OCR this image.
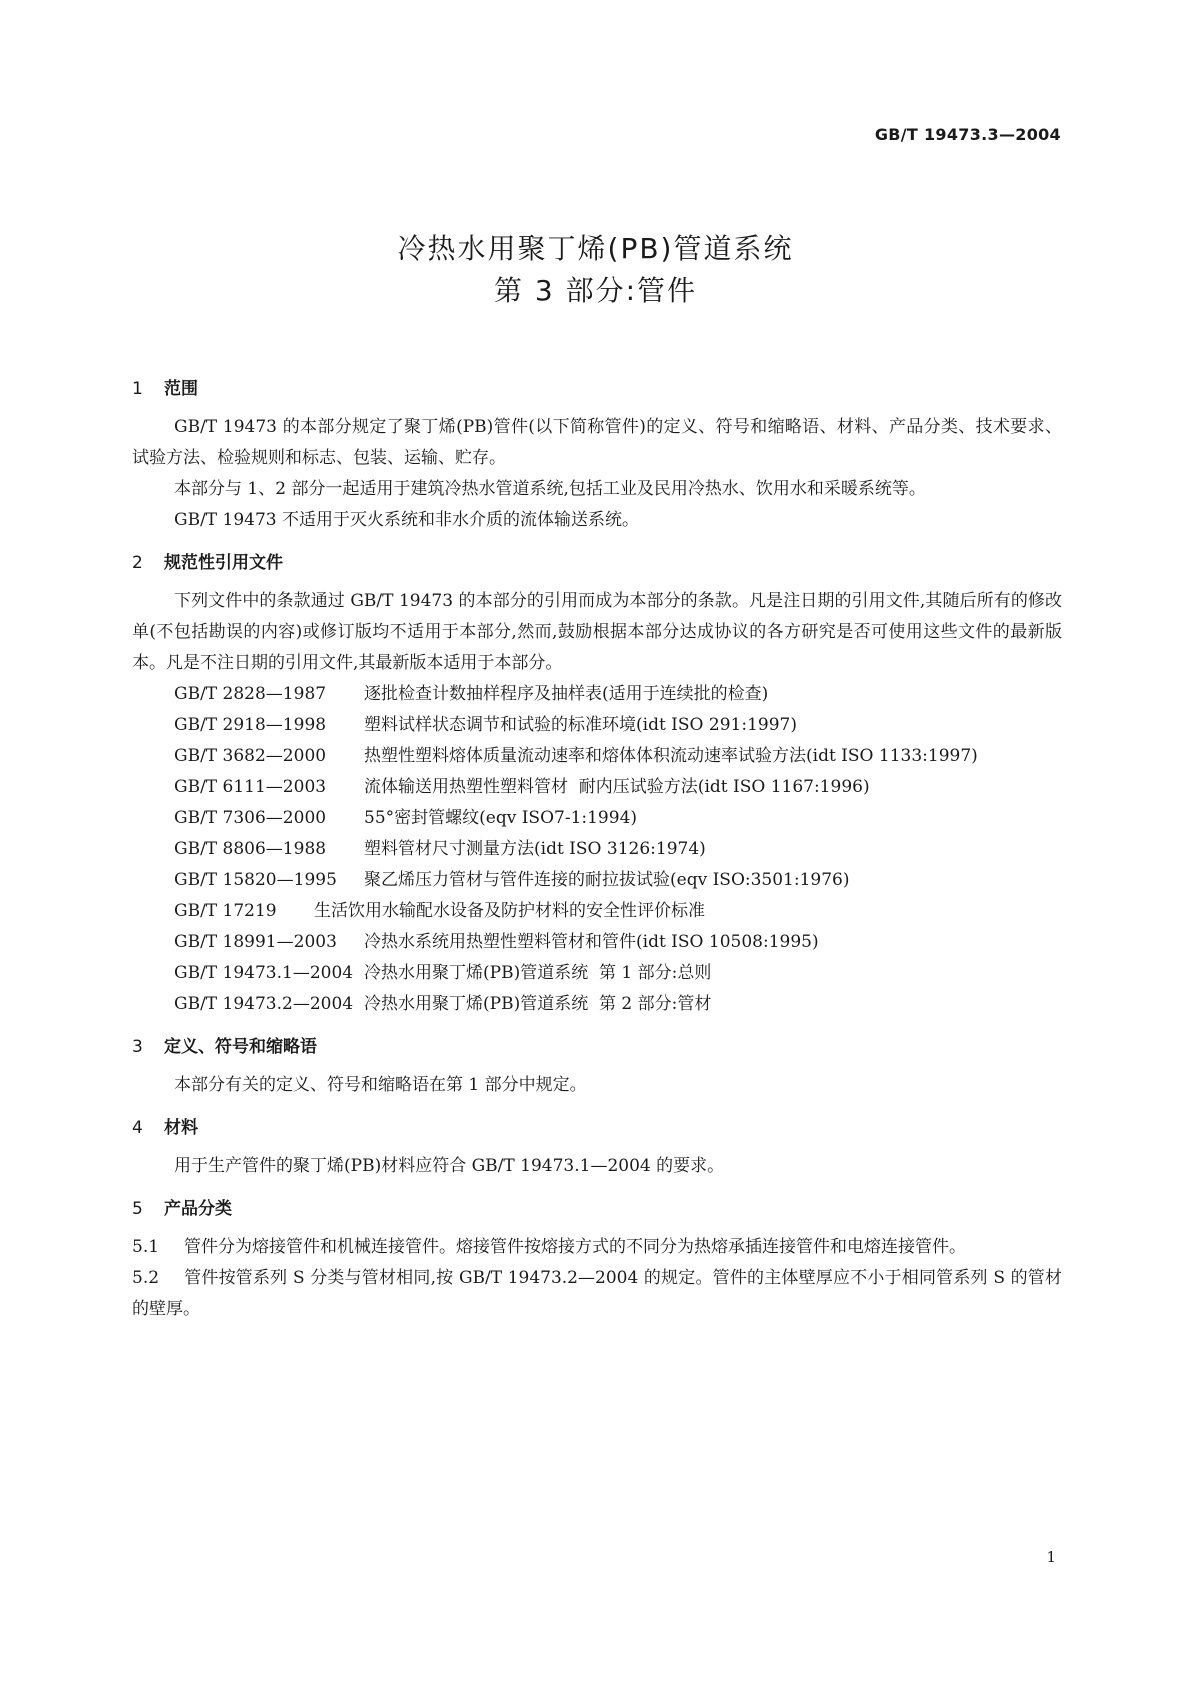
GB/T 19473.3—2004
冷热水用聚丁烯(PB)管道系统
第 3 部分:管件
1 范围
GB/T 19473 的本部分规定了聚丁烯(PB)管件(以下简称管件)的定义、符号和缩略语、材料、产品分类、技术要求、试验方法、检验规则和标志、包装、运输、贮存。
本部分与 1、2 部分一起适用于建筑冷热水管道系统,包括工业及民用冷热水、饮用水和采暖系统等。
GB/T 19473 不适用于灭火系统和非水介质的流体输送系统。
2 规范性引用文件
下列文件中的条款通过 GB/T 19473 的本部分的引用而成为本部分的条款。凡是注日期的引用文件,其随后所有的修改单(不包括勘误的内容)或修订版均不适用于本部分,然而,鼓励根据本部分达成协议的各方研究是否可使用这些文件的最新版本。凡是不注日期的引用文件,其最新版本适用于本部分。
GB/T 2828—1987 逐批检查计数抽样程序及抽样表(适用于连续批的检查)
GB/T 2918—1998 塑料试样状态调节和试验的标准环境(idt ISO 291:1997)
GB/T 3682—2000 热塑性塑料熔体质量流动速率和熔体体积流动速率试验方法(idt ISO 1133:1997)
GB/T 6111—2003 流体输送用热塑性塑料管材  耐内压试验方法(idt ISO 1167:1996)
GB/T 7306—2000 55°密封管螺纹(eqv ISO7-1:1994)
GB/T 8806—1988 塑料管材尺寸测量方法(idt ISO 3126:1974)
GB/T 15820—1995 聚乙烯压力管材与管件连接的耐拉拔试验(eqv ISO:3501:1976)
GB/T 17219 生活饮用水输配水设备及防护材料的安全性评价标准
GB/T 18991—2003 冷热水系统用热塑性塑料管材和管件(idt ISO 10508:1995)
GB/T 19473.1—2004 冷热水用聚丁烯(PB)管道系统  第 1 部分:总则
GB/T 19473.2—2004 冷热水用聚丁烯(PB)管道系统  第 2 部分:管材
3 定义、符号和缩略语
本部分有关的定义、符号和缩略语在第 1 部分中规定。
4 材料
用于生产管件的聚丁烯(PB)材料应符合 GB/T 19473.1—2004 的要求。
5 产品分类
5.1 管件分为熔接管件和机械连接管件。熔接管件按熔接方式的不同分为热熔承插连接管件和电熔连接管件。
5.2 管件按管系列 S 分类与管材相同,按 GB/T 19473.2—2004 的规定。管件的主体壁厚应不小于相同管系列 S 的管材的壁厚。
1
